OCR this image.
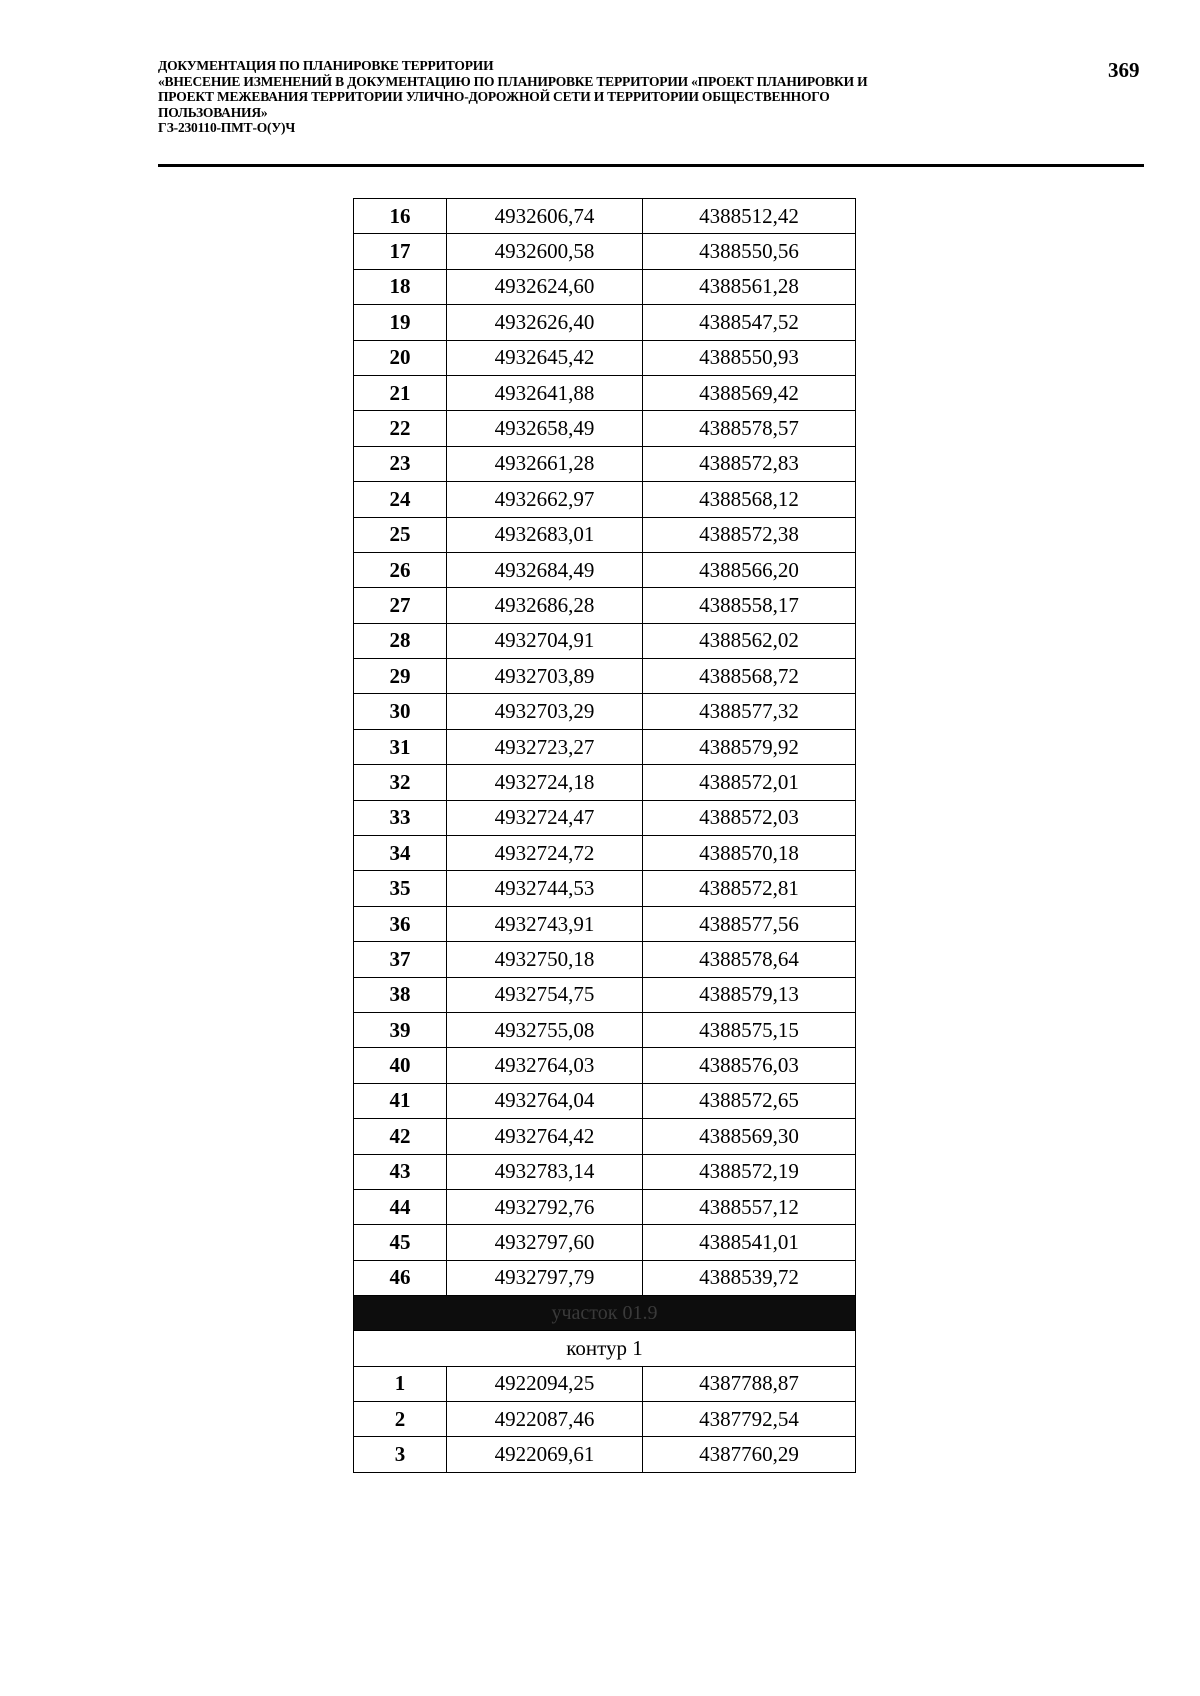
ДОКУМЕНТАЦИЯ ПО ПЛАНИРОВКЕ ТЕРРИТОРИИ
«ВНЕСЕНИЕ ИЗМЕНЕНИЙ В ДОКУМЕНТАЦИЮ ПО ПЛАНИРОВКЕ ТЕРРИТОРИИ «ПРОЕКТ ПЛАНИРОВКИ И
ПРОЕКТ МЕЖЕВАНИЯ ТЕРРИТОРИИ УЛИЧНО-ДОРОЖНОЙ СЕТИ И ТЕРРИТОРИИ ОБЩЕСТВЕННОГО
ПОЛЬЗОВАНИЯ»
ГЗ-230110-ПМТ-О(У)Ч
369
16	4932606,74	4388512,42
17	4932600,58	4388550,56
18	4932624,60	4388561,28
19	4932626,40	4388547,52
20	4932645,42	4388550,93
21	4932641,88	4388569,42
22	4932658,49	4388578,57
23	4932661,28	4388572,83
24	4932662,97	4388568,12
25	4932683,01	4388572,38
26	4932684,49	4388566,20
27	4932686,28	4388558,17
28	4932704,91	4388562,02
29	4932703,89	4388568,72
30	4932703,29	4388577,32
31	4932723,27	4388579,92
32	4932724,18	4388572,01
33	4932724,47	4388572,03
34	4932724,72	4388570,18
35	4932744,53	4388572,81
36	4932743,91	4388577,56
37	4932750,18	4388578,64
38	4932754,75	4388579,13
39	4932755,08	4388575,15
40	4932764,03	4388576,03
41	4932764,04	4388572,65
42	4932764,42	4388569,30
43	4932783,14	4388572,19
44	4932792,76	4388557,12
45	4932797,60	4388541,01
46	4932797,79	4388539,72
участок 01.9		
контур 1		
1	4922094,25	4387788,87
2	4922087,46	4387792,54
3	4922069,61	4387760,29
